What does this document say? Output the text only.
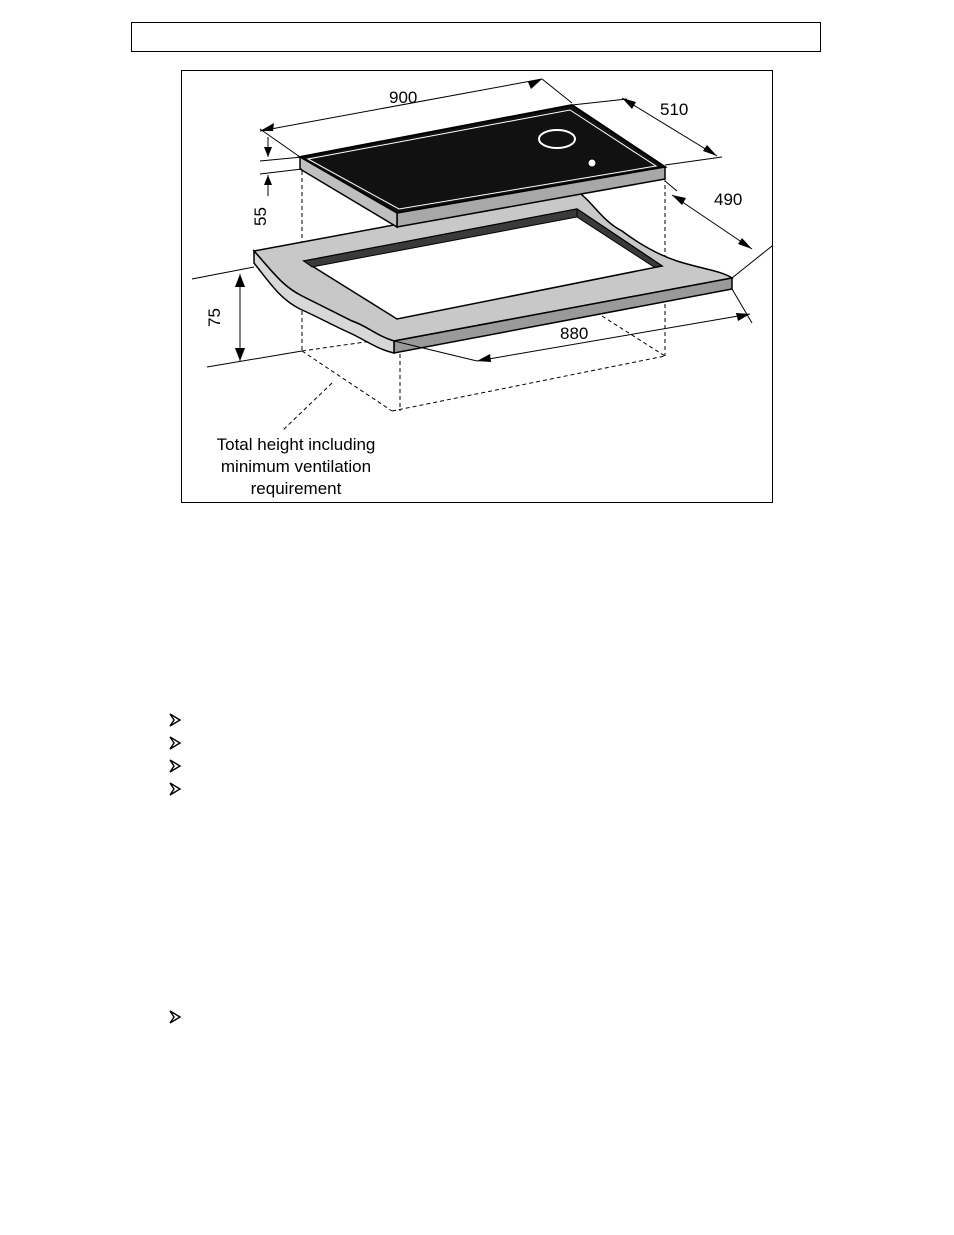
900
510
490
880
55
75
Total height including
minimum ventilation
requirement
